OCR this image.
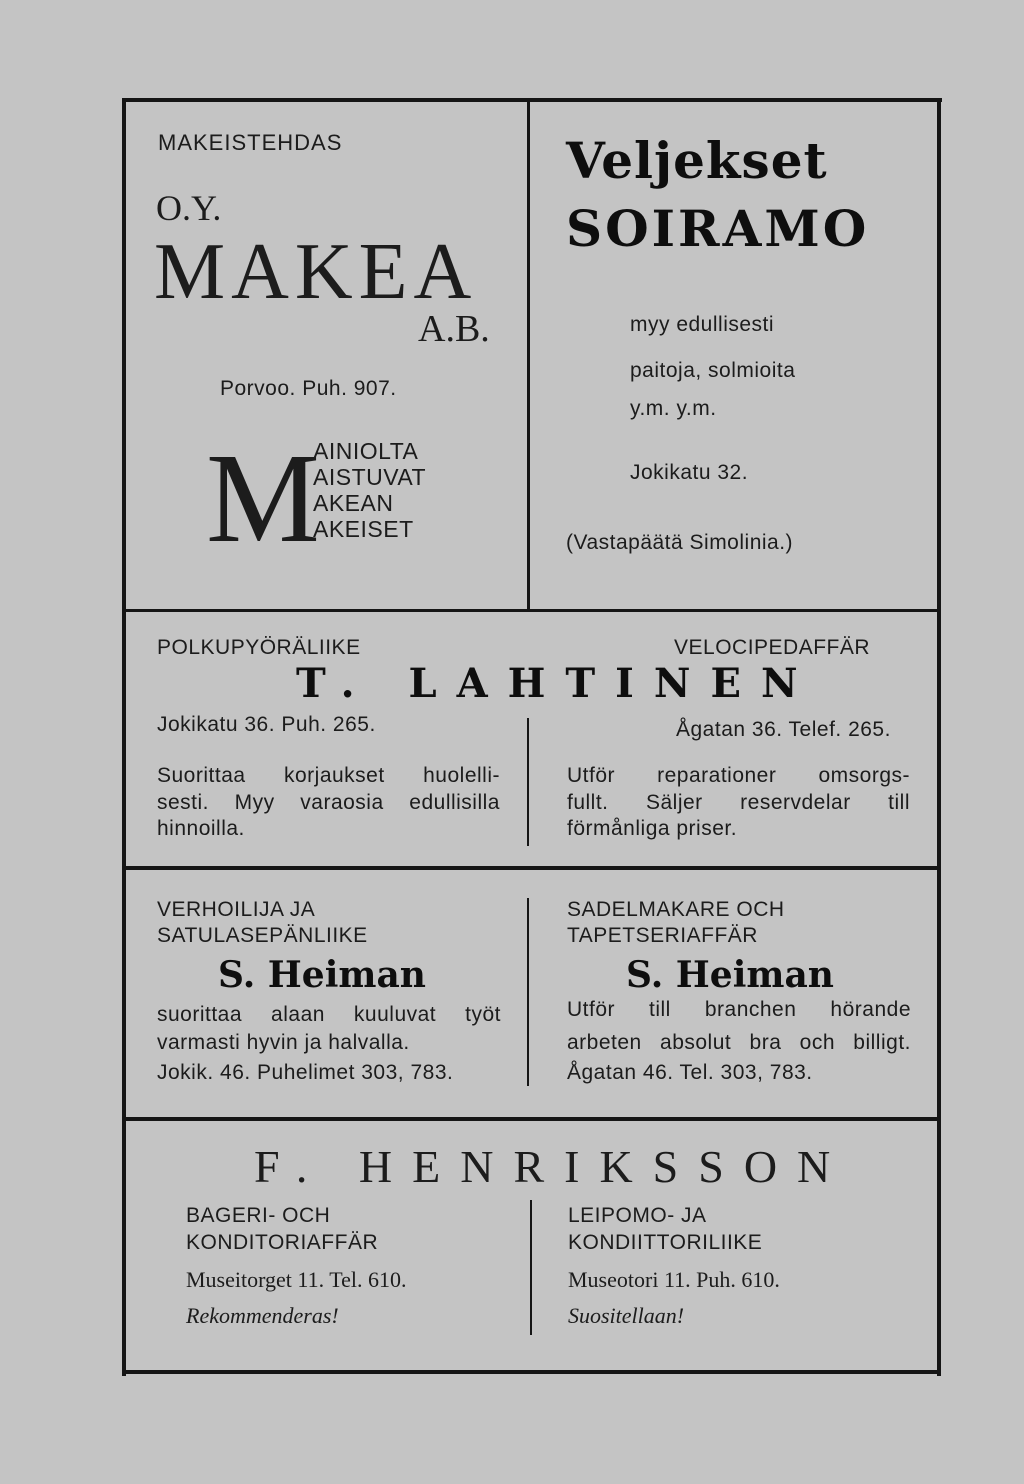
MAKEISTEHDAS
O.Y.
MAKEA
A.B.
Porvoo. Puh. 907.
M
AINIOLTA
AISTUVAT
AKEAN
AKEISET
Veljekset
SOIRAMO
myy edullisesti
paitoja, solmioita
y.m. y.m.
Jokikatu 32.
(Vastapäätä Simolinia.)
POLKUPYÖRÄLIIKE	VELOCIPEDAFFÄR
T. LAHTINEN
Jokikatu 36. Puh. 265.	Ågatan 36. Telef. 265.
Suorittaa korjaukset huolelli-
sesti. Myy varaosia edullisilla
hinnoilla.
Utför reparationer omsorgs-
fullt. Säljer reservdelar till
förmånliga priser.
VERHOILIJA JA
SATULASEPÄNLIIKE
SADELMAKARE OCH
TAPETSERIAFFÄR
S. Heiman	S. Heiman
suorittaa alaan kuuluvat työt
varmasti hyvin ja halvalla.
Jokik. 46. Puhelimet 303, 783.
Utför till branchen hörande
arbeten absolut bra och billigt.
Ågatan 46. Tel. 303, 783.
F. HENRIKSSON
BAGERI- OCH
KONDITORIAFFÄR
LEIPOMO- JA
KONDIITTORILIIKE
Museitorget 11. Tel. 610.	Museotori 11. Puh. 610.
Rekommenderas!	Suositellaan!
